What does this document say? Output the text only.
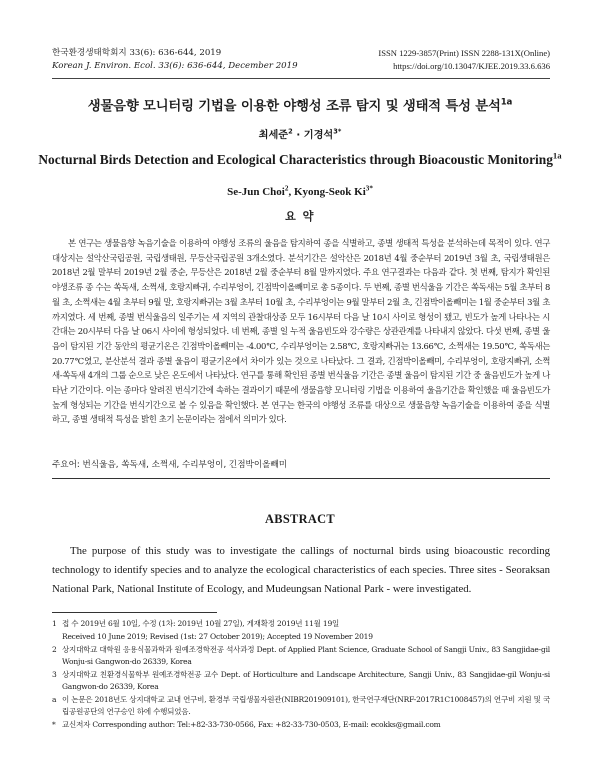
한국환경생태학회지 33(6): 636-644, 2019
Korean J. Environ. Ecol. 33(6): 636-644, December 2019
ISSN 1229-3857(Print) ISSN 2288-131X(Online)
https://doi.org/10.13047/KJEE.2019.33.6.636
생물음향 모니터링 기법을 이용한 야행성 조류 탐지 및 생태적 특성 분석$^{1a}$
최세준$^2$ · 기경석$^{3*}$
Nocturnal Birds Detection and Ecological Characteristics through Bioacoustic Monitoring$^{1a}$
Se-Jun Choi$^2$, Kyong-Seok $Ki^{3*}$
요 약

본 연구는 생물음향 녹음기술을 이용하여 야행성 조류의 울음을 탐지하여 종을 식별하고, 종별 생태적 특성을 분석하는데 목적이 있다. 연구대상지는 설악산국립공원, 국립생태원, 무등산국립공원 3개소였다. 분석기간은 설악산은 2018년 4월 중순부터 2019년 3월 초, 국립생태원은 2018년 2월 말부터 2019년 2월 중순, 무등산은 2018년 2월 중순부터 8월 말까지였다. 주요 연구결과는 다음과 같다. 첫 번째, 탐지가 확인된 야생조류 종 수는 쏙독새, 소쩍새, 호랑지빠귀, 수리부엉이, 긴점박이올빼미로 총 5종이다. 두 번째, 종별 번식울음 기간은 쏙독새는 5월 초부터 8월 초, 소쩍새는 4월 초부터 9월 말, 호랑지빠귀는 3월 초부터 10월 초, 수리부엉이는 9월 말부터 2월 초, 긴점박이올빼미는 1월 중순부터 3월 초까지였다. 세 번째, 종별 번식울음의 일주기는 세 지역의 관찰대상종 모두 16시부터 다음 날 10시 사이로 형성이 됐고, 빈도가 높게 나타나는 시간대는 20시부터 다음 날 06시 사이에 형성되었다. 네 번째, 종별 일 누적 울음빈도와 강수량은 상관관계를 나타내지 않았다. 다섯 번째, 종별 울음이 탐지된 기간 동안의 평균기온은 긴점박이올빼미는 -4.00℃, 수리부엉이는 2.58℃, 호랑지빠귀는 13.66℃, 소쩍새는 19.50℃, 쏙독새는 20.77℃였고, 분산분석 결과 종별 울음이 평균기온에서 차이가 있는 것으로 나타났다. 그 결과, 긴점박이올빼미, 수리부엉이, 호랑지빠귀, 소쩍새-쏙독새 4개의 그룹 순으로 낮은 온도에서 나타났다. 연구를 통해 확인된 종별 번식울음 기간은 종별 울음이 탐지된 기간 중 울음빈도가 높게 나타난 기간이다. 이는 종마다 알려진 번식기간에 속하는 결과이기 때문에 생물음향 모니터링 기법을 이용하여 울음기간을 확인했을 때 울음빈도가 높게 형성되는 기간을 번식기간으로 볼 수 있음을 확인했다. 본 연구는 한국의 야행성 조류를 대상으로 생물음향 녹음기술을 이용하여 종을 식별하고, 종별 생태적 특성을 밝힌 초기 논문이라는 점에서 의미가 있다.

주요어: 번식울음, 쏙독새, 소쩍새, 수리부엉이, 긴점박이올빼미

ABSTRACT

The purpose of this study was to investigate the callings of nocturnal birds using bioacoustic recording technology to identify species and to analyze the ecological characteristics of each species. Three sites - Seoraksan National Park, National Institute of Ecology, and Mudeungsan National Park - were investigated.

1 접 수 2019년 6월 10일, 수정 (1차: 2019년 10월 27일), 게재확정 2019년 11월 19일

Received 10 June 2019; Revised (1st: 27 October 2019); Accepted 19 November 2019

2 상지대학교 대학원 응용식물과학과 원예조경학전공 석사과정 Dept. of Applied Plant Science, Graduate School of Sangji Univ., 83 Sangjidae-gil Wonju-si Gangwon-do 26339, Korea

3 상지대학교 친환경식물학부 원예조경학전공 교수 Dept. of Horticulture and Landscape Architecture, Sangji Univ., 83 Sangjidae-gil Wonju-si Gangwon-do 26339, Korea

a 이 논문은 2018년도 상지대학교 교내 연구비, 환경부 국립생물자원관(NIBR201909101), 한국연구재단(NRF-2017R1C1008457)의 연구비 지원 및 국립공원공단의 연구승인 하에 수행되었음.

* 교신저자 Corresponding author: Tel:+82-33-730-0566, Fax: +82-33-730-0503, E-mail: ecokks@gmail.com
